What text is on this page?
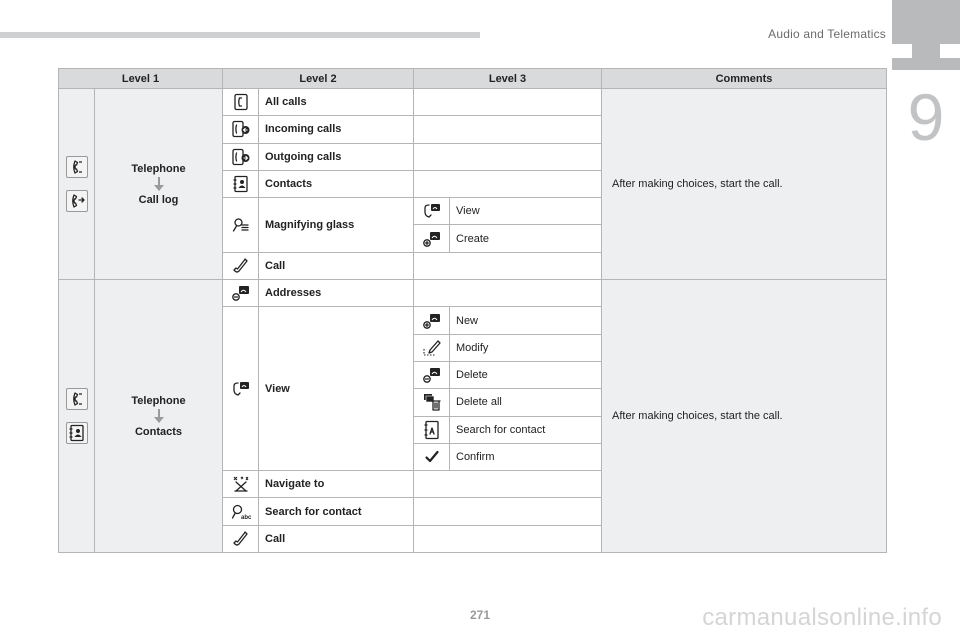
Audio and Telematics
9
Level 1		Level 2		Level 3		Comments

Telephone
Call log		All calls			After making choices, start the call.

	Incoming calls			

	Outgoing calls			

	Contacts			

	Magnifying glass		View	

	Create	

	Call			

Telephone
Contacts		Addresses			After making choices, start the call.

	View		New	

	Modify	

	Delete	

	Delete all	

	Search for contact	

	Confirm	

	Navigate to			

abc	Search for contact			

	Call			
271	carmanualsonline.info
